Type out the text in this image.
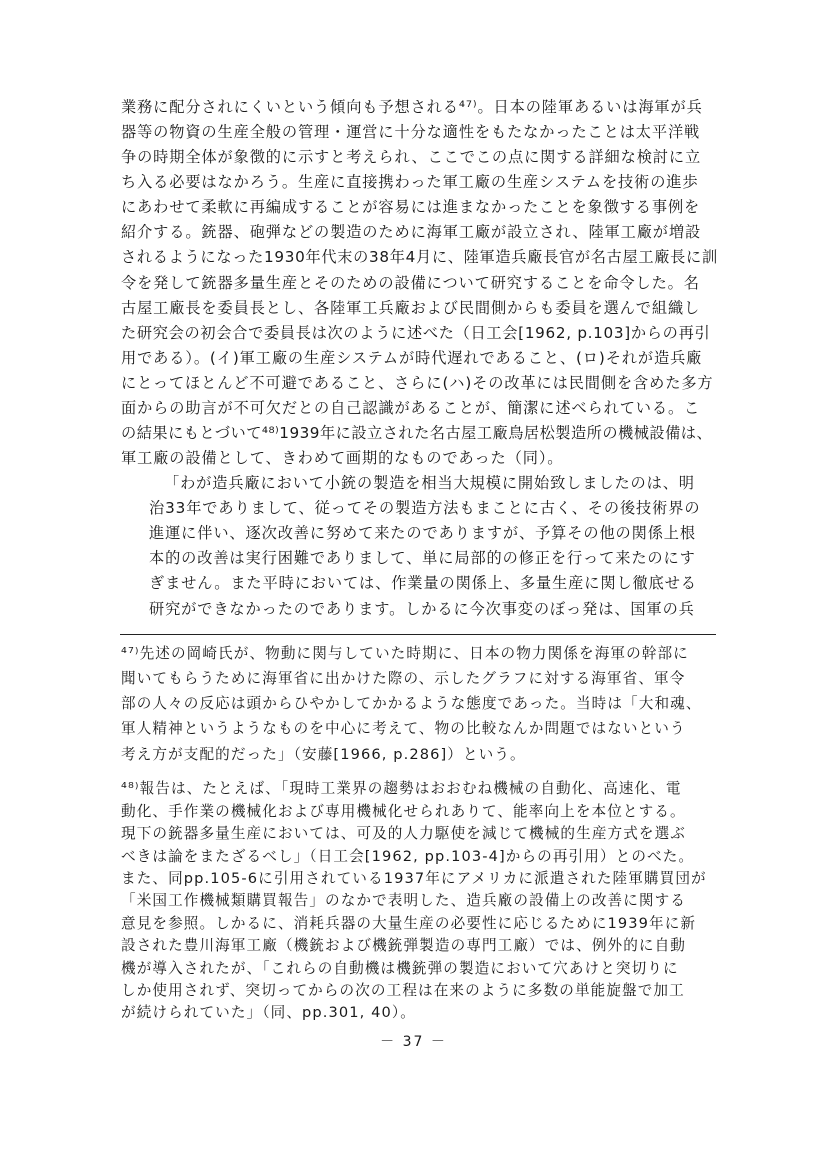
業務に配分されにくいという傾向も予想される⁴⁷⁾。日本の陸軍あるいは海軍が兵
器等の物資の生産全般の管理・運営に十分な適性をもたなかったことは太平洋戦
争の時期全体が象徴的に示すと考えられ、ここでこの点に関する詳細な検討に立
ち入る必要はなかろう。生産に直接携わった軍工廠の生産システムを技術の進歩
にあわせて柔軟に再編成することが容易には進まなかったことを象徴する事例を
紹介する。銃器、砲弾などの製造のために海軍工廠が設立され、陸軍工廠が増設
されるようになった1930年代末の38年4月に、陸軍造兵廠長官が名古屋工廠長に訓
令を発して銃器多量生産とそのための設備について研究することを命令した。名
古屋工廠長を委員長とし、各陸軍工兵廠および民間側からも委員を選んで組織し
た研究会の初会合で委員長は次のように述べた（日工会[1962, p.103]からの再引
用である）。(イ)軍工廠の生産システムが時代遅れであること、(ロ)それが造兵廠
にとってほとんど不可避であること、さらに(ハ)その改革には民間側を含めた多方
面からの助言が不可欠だとの自己認識があることが、簡潔に述べられている。こ
の結果にもとづいて⁴⁸⁾1939年に設立された名古屋工廠鳥居松製造所の機械設備は、
軍工廠の設備として、きわめて画期的なものであった（同）。
「わが造兵廠において小銃の製造を相当大規模に開始致しましたのは、明
治33年でありまして、従ってその製造方法もまことに古く、その後技術界の
進運に伴い、逐次改善に努めて来たのでありますが、予算その他の関係上根
本的の改善は実行困難でありまして、単に局部的の修正を行って来たのにす
ぎません。また平時においては、作業量の関係上、多量生産に関し徹底せる
研究ができなかったのであります。しかるに今次事変のぼっ発は、国軍の兵
⁴⁷⁾先述の岡崎氏が、物動に関与していた時期に、日本の物力関係を海軍の幹部に
聞いてもらうために海軍省に出かけた際の、示したグラフに対する海軍省、軍令
部の人々の反応は頭からひやかしてかかるような態度であった。当時は「大和魂、
軍人精神というようなものを中心に考えて、物の比較なんか問題ではないという
考え方が支配的だった」（安藤[1966, p.286]）という。
⁴⁸⁾報告は、たとえば、「現時工業界の趨勢はおおむね機械の自動化、高速化、電
動化、手作業の機械化および専用機械化せられありて、能率向上を本位とする。
現下の銃器多量生産においては、可及的人力駆使を減じて機械的生産方式を選ぶ
べきは論をまたざるべし」（日工会[1962, pp.103-4]からの再引用）とのべた。
また、同pp.105-6に引用されている1937年にアメリカに派遣された陸軍購買団が
「米国工作機械類購買報告」のなかで表明した、造兵廠の設備上の改善に関する
意見を参照。しかるに、消耗兵器の大量生産の必要性に応じるために1939年に新
設された豊川海軍工廠（機銃および機銃弾製造の専門工廠）では、例外的に自動
機が導入されたが、「これらの自動機は機銃弾の製造において穴あけと突切りに
しか使用されず、突切ってからの次の工程は在来のように多数の単能旋盤で加工
が続けられていた」（同、pp.301, 40）。
－ 37 －
